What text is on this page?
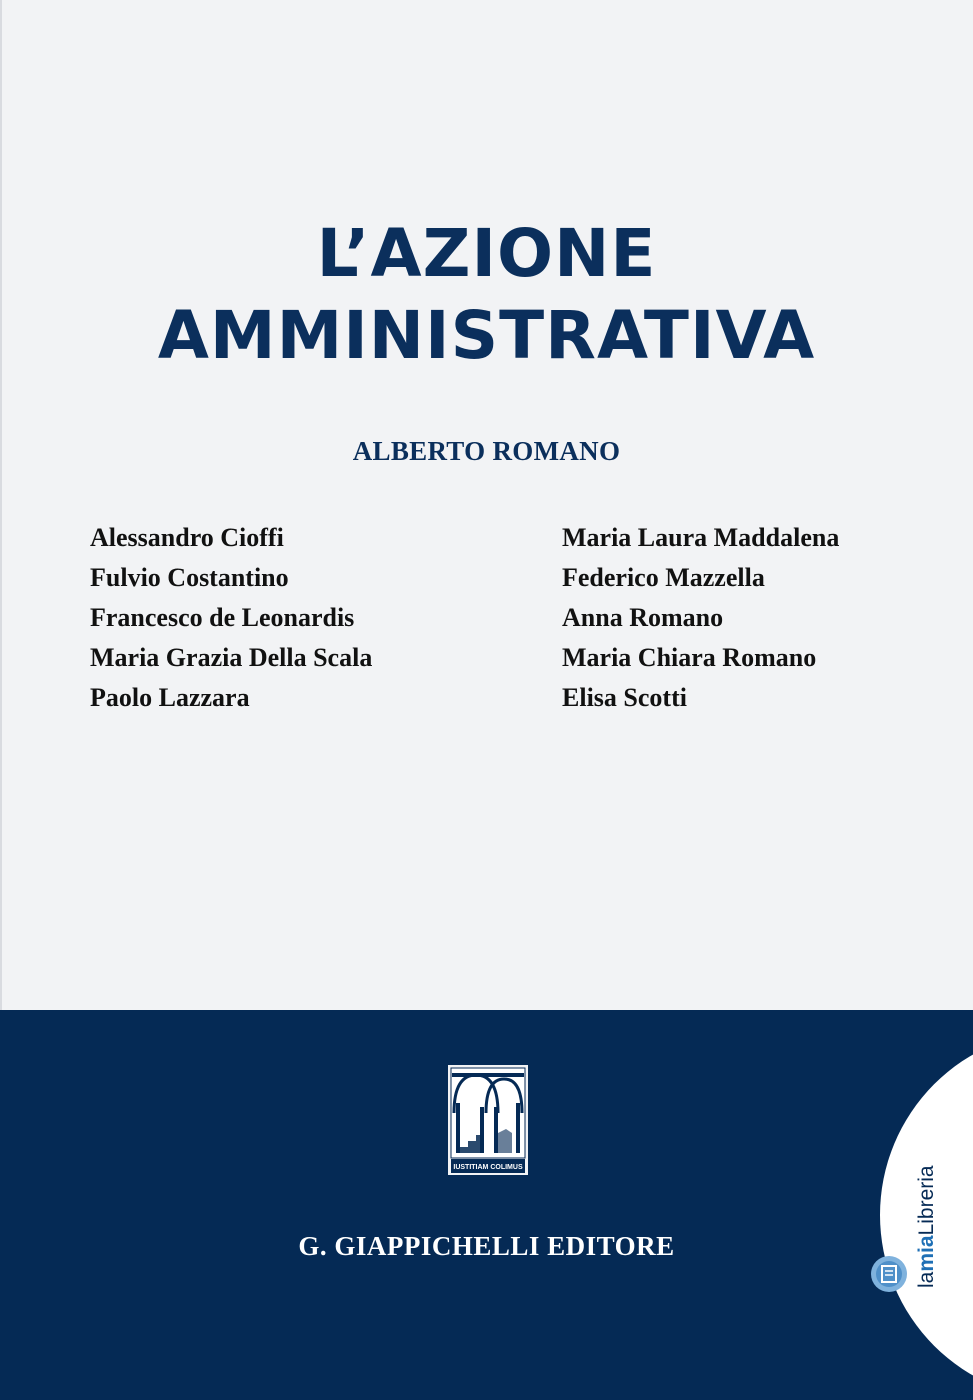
L’AZIONE
AMMINISTRATIVA
ALBERTO ROMANO
Alessandro Cioffi
Fulvio Costantino
Francesco de Leonardis
Maria Grazia Della Scala
Paolo Lazzara
Maria Laura Maddalena
Federico Mazzella
Anna Romano
Maria Chiara Romano
Elisa Scotti
IUSTITIAM COLIMUS
G. GIAPPICHELLI EDITORE
lamiaLibreria
